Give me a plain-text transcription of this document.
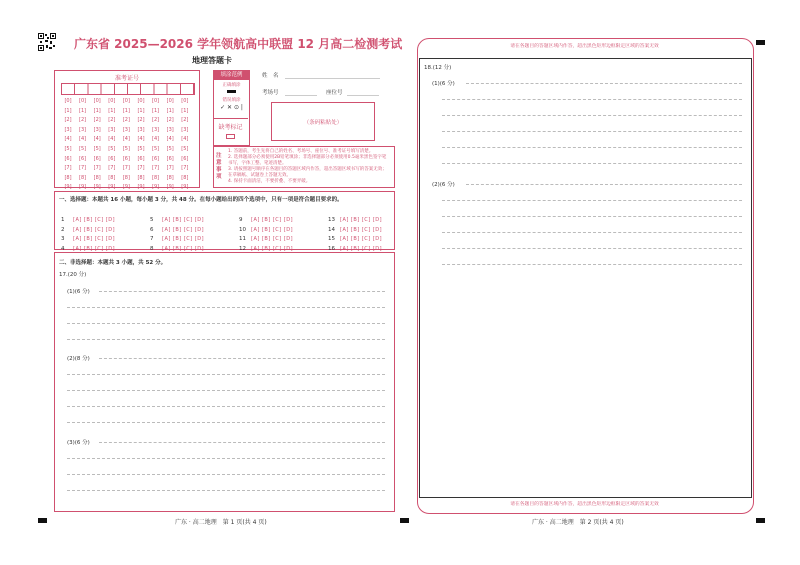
广东省 2025—2026 学年领航高中联盟 12 月高二检测考试
地理答题卡
准考证号
[0]
[1]
[2]
[3]
[4]
[5]
[6]
[7]
[8]
[9]
[0]
[1]
[2]
[3]
[4]
[5]
[6]
[7]
[8]
[9]
[0]
[1]
[2]
[3]
[4]
[5]
[6]
[7]
[8]
[9]
[0]
[1]
[2]
[3]
[4]
[5]
[6]
[7]
[8]
[9]
[0]
[1]
[2]
[3]
[4]
[5]
[6]
[7]
[8]
[9]
[0]
[1]
[2]
[3]
[4]
[5]
[6]
[7]
[8]
[9]
[0]
[1]
[2]
[3]
[4]
[5]
[6]
[7]
[8]
[9]
[0]
[1]
[2]
[3]
[4]
[5]
[6]
[7]
[8]
[9]
[0]
[1]
[2]
[3]
[4]
[5]
[6]
[7]
[8]
[9]
填涂范例
正确填涂
错误填涂
✓ ✕ ⊙ |
缺考标记
姓　名
考场号	座位号
（条码粘贴处）
注意事项
1. 答题前，考生先将自己的姓名、考场号、座位号、准考证号填写清楚。
2. 选择题部分必须使用2B铅笔填涂；非选择题部分必须使用0.5毫米黑色签字笔书写，字体工整、笔迹清楚。
3. 请按照题号顺序在各题目的答题区域内作答，超出答题区域书写的答案无效；在草稿纸、试题卷上答题无效。
4. 保持卡面清洁，不要折叠、不要弄破。
一、选择题：本题共 16 小题，每小题 3 分，共 48 分。在每小题给出的四个选项中，只有一项是符合题目要求的。
1 [A] [B] [C] [D]
2 [A] [B] [C] [D]
3 [A] [B] [C] [D]
4 [A] [B] [C] [D]
5 [A] [B] [C] [D]
6 [A] [B] [C] [D]
7 [A] [B] [C] [D]
8 [A] [B] [C] [D]
9 [A] [B] [C] [D]
10 [A] [B] [C] [D]
11 [A] [B] [C] [D]
12 [A] [B] [C] [D]
13 [A] [B] [C] [D]
14 [A] [B] [C] [D]
15 [A] [B] [C] [D]
16 [A] [B] [C] [D]
二、非选择题：本题共 3 小题，共 52 分。
17.(20 分)
(1)(6 分)
(2)(8 分)
(3)(6 分)
请在各题目的答题区域内作答，超出黑色矩形边框限定区域的答案无效
请在各题目的答题区域内作答，超出黑色矩形边框限定区域的答案无效
18.(12 分)
(1)(6 分)
(2)(6 分)
广东 · 高二地理　第 1 页(共 4 页)	广东 · 高二地理　第 2 页(共 4 页)
